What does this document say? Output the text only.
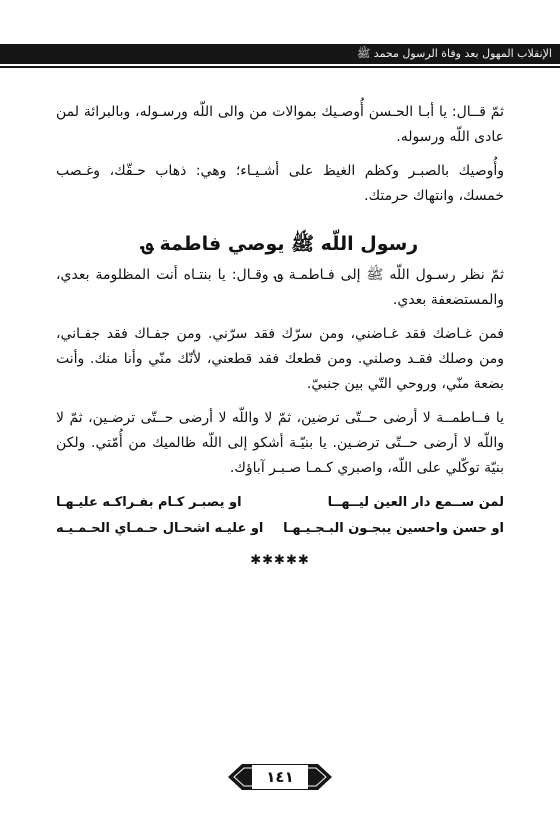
الإنقلاب المهول بعد وفاة الرسول محمد ﷺ

ثمّ قــال: يا أبـا الحـسن أُوصـيك بموالات من والى اللّه ورسـوله، وبالبرائة لمن عادى اللّه ورسوله.

وأُوصيك بالصبـر وكظم الغيظ على أشـيـاء؛ وهي: ذهاب حـقّك، وغـصب خمسك، وانتهاك حرمتك.

رسول اللّه ﷺ يوصي فاطمة ؈

ثمّ نظر رسـول اللّه ﷺ إلى فـاطمـة ؈ وقـال: يا بنتـاه أنت المظلومة بعدي، والمستضعفة بعدي.

فمن غـاضك فقد غـاضني، ومن سرّك فقد سرّني. ومن جفـاك فقد جفـاني، ومن وصلك فقـد وصلني. ومن قطعك فقد قطعني، لأنّك منّي وأنا منك. وأنت بضعة منّي، وروحي التّي بين جنبيّ.

يا فــاطمــة لا أرضى حــتّى ترضين، ثمّ لا واللّه لا أرضى حــتّى ترضـين، ثمّ لا واللّه لا أرضى حــتّى ترضـين. يا بنيّـة أشكو إلى اللّه ظالميك من أُمّتي. ولكن بنيّة توكّلي على اللّه، واصبري كـمـا صـبـر آباؤك.

لمن ســمع دار العين ليــهــا
او يصبـر كـام بفـراكـه عليـهـا
او حسن واحسين يبجـون البـجـيـهـا
او عليـه اشحـال حـمـاي الحـمـيـه
✱✱✱✱✱
١٤١
